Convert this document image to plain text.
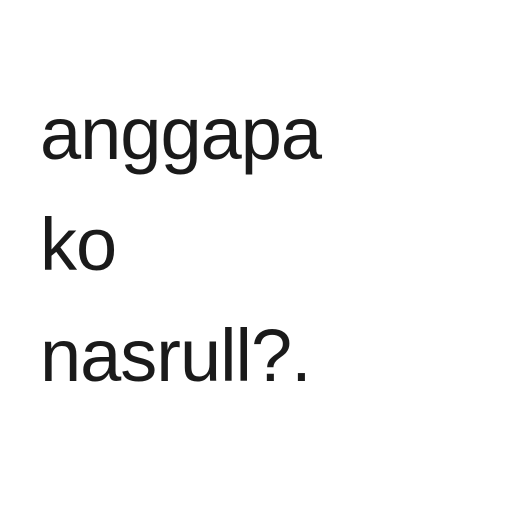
anggapa
ko
nasrull?.
